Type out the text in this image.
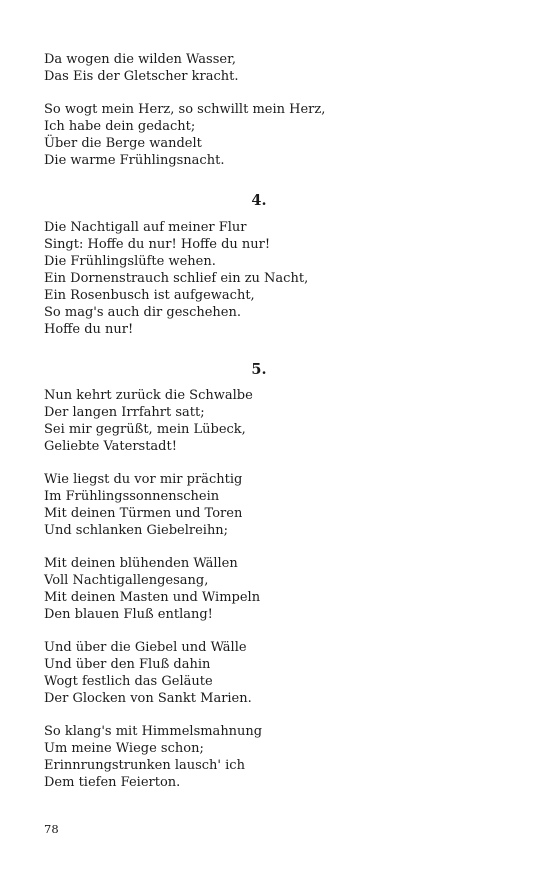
Da wogen die wilden Wasser,
Das Eis der Gletscher kracht.
So wogt mein Herz, so schwillt mein Herz,
Ich habe dein gedacht;
Über die Berge wandelt
Die warme Frühlingsnacht.
4.
Die Nachtigall auf meiner Flur
Singt: Hoffe du nur! Hoffe du nur!
Die Frühlingslüfte wehen.
Ein Dornenstrauch schlief ein zu Nacht,
Ein Rosenbusch ist aufgewacht,
So mag's auch dir geschehen.
Hoffe du nur!
5.
Nun kehrt zurück die Schwalbe
Der langen Irrfahrt satt;
Sei mir gegrüßt, mein Lübeck,
Geliebte Vaterstadt!
Wie liegst du vor mir prächtig
Im Frühlingssonnenschein
Mit deinen Türmen und Toren
Und schlanken Giebelreihn;
Mit deinen blühenden Wällen
Voll Nachtigallengesang,
Mit deinen Masten und Wimpeln
Den blauen Fluß entlang!
Und über die Giebel und Wälle
Und über den Fluß dahin
Wogt festlich das Geläute
Der Glocken von Sankt Marien.
So klang's mit Himmelsmahnung
Um meine Wiege schon;
Erinnrungstrunken lausch' ich
Dem tiefen Feierton.
78
